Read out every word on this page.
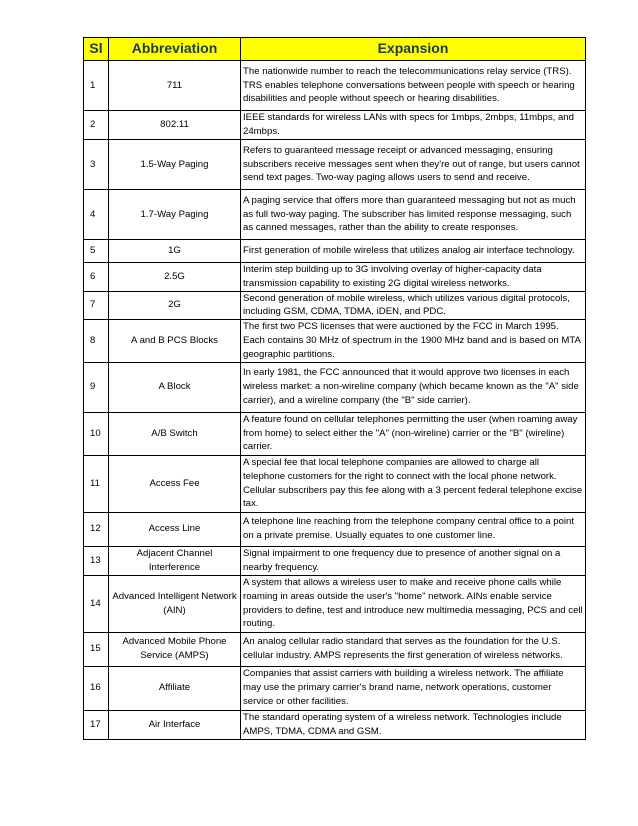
Sl	Abbreviation	Expansion
1	711	The nationwide number to reach the telecommunications relay service (TRS). TRS enables telephone conversations between people with speech or hearing disabilities and people without speech or hearing disabilities.
2	802.11	IEEE standards for wireless LANs with specs for 1mbps, 2mbps, 11mbps, and 24mbps.
3	1.5-Way Paging	Refers to guaranteed message receipt or advanced messaging, ensuring subscribers receive messages sent when they're out of range, but users cannot send text pages. Two-way paging allows users to send and receive.
4	1.7-Way Paging	A paging service that offers more than guaranteed messaging but not as much as full two-way paging. The subscriber has limited response messaging, such as canned messages, rather than the ability to create responses.
5	1G	First generation of mobile wireless that utilizes analog air interface technology.
6	2.5G	Interim step building up to 3G involving overlay of higher-capacity data transmission capability to existing 2G digital wireless networks.
7	2G	Second generation of mobile wireless, which utilizes various digital protocols, including GSM, CDMA, TDMA, iDEN, and PDC.
8	A and B PCS Blocks	The first two PCS licenses that were auctioned by the FCC in March 1995. Each contains 30 MHz of spectrum in the 1900 MHz band and is based on MTA geographic partitions.
9	A Block	In early 1981, the FCC announced that it would approve two licenses in each wireless market: a non-wireline company (which became known as the "A" side carrier), and a wireline company (the "B" side carrier).
10	A/B Switch	A feature found on cellular telephones permitting the user (when roaming away from home) to select either the "A" (non-wireline) carrier or the "B" (wireline) carrier.
11	Access Fee	A special fee that local telephone companies are allowed to charge all telephone customers for the right to connect with the local phone network. Cellular subscribers pay this fee along with a 3 percent federal telephone excise tax.
12	Access Line	A telephone line reaching from the telephone company central office to a point on a private premise. Usually equates to one customer line.
13	Adjacent Channel Interference	Signal impairment to one frequency due to presence of another signal on a nearby frequency.
14	Advanced Intelligent Network (AIN)	A system that allows a wireless user to make and receive phone calls while roaming in areas outside the user's "home" network. AINs enable service providers to define, test and introduce new multimedia messaging, PCS and cell routing.
15	Advanced Mobile Phone Service (AMPS)	An analog cellular radio standard that serves as the foundation for the U.S. cellular industry. AMPS represents the first generation of wireless networks.
16	Affiliate	Companies that assist carriers with building a wireless network. The affiliate may use the primary carrier's brand name, network operations, customer service or other facilities.
17	Air Interface	The standard operating system of a wireless network. Technologies include AMPS, TDMA, CDMA and GSM.
